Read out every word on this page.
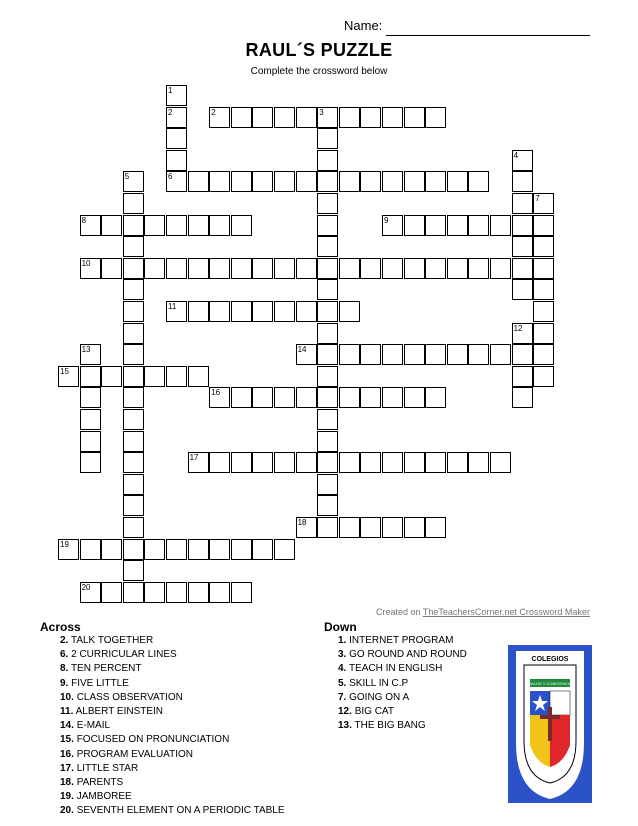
Name:
RAUL´S PUZZLE
Complete the crossword below
2
1
2	3
4
5	6
7
8	9
10
11
12
13	14
15
16
17
18
19
20
Created on TheTeachersCorner.net Crossword Maker
Across
2. TALK TOGETHER
6. 2 CURRICULAR LINES
8. TEN PERCENT
9. FIVE LITTLE
10. CLASS OBSERVATION
11. ALBERT EINSTEIN
14. E-MAIL
15. FOCUSED ON PRONUNCIATION
16. PROGRAM EVALUATION
17. LITTLE STAR
18. PARENTS
19. JAMBOREE
20. SEVENTH ELEMENT ON A PERIODIC TABLE
Down
1. INTERNET PROGRAM
3. GO ROUND AND ROUND
4. TEACH IN ENGLISH
5. SKILL IN C.P
7. GOING ON A
12. BIG CAT
13. THE BIG BANG
COLEGIOS
SALUD Y CONCIENCIA
